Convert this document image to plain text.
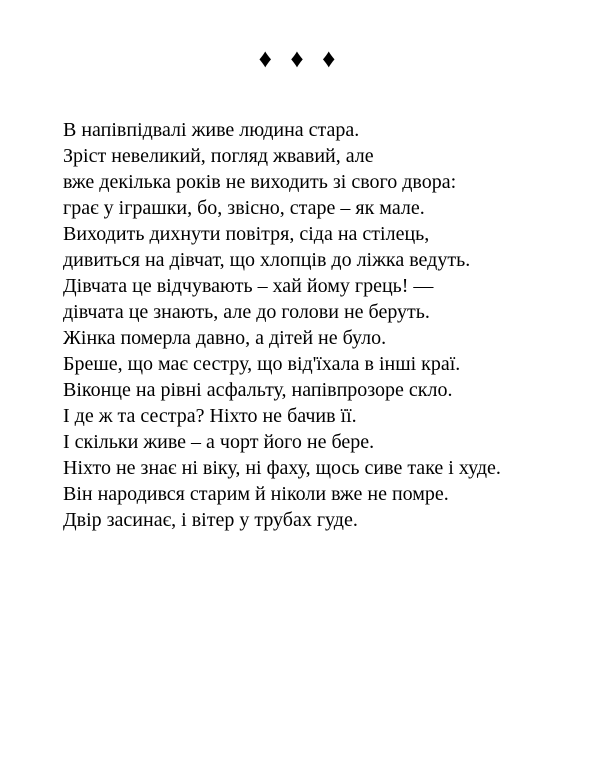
♦ ♦ ♦
В напівпідвалі живе людина стара.
Зріст невеликий, погляд жвавий, але
вже декілька років не виходить зі свого двора:
грає у іграшки, бо, звісно, старе – як мале.
Виходить дихнути повітря, сіда на стілець,
дивиться на дівчат, що хлопців до ліжка ведуть.
Дівчата це відчувають – хай йому грець! —
дівчата це знають, але до голови не беруть.
Жінка померла давно, а дітей не було.
Бреше, що має сестру, що від'їхала в інші краї.
Віконце на рівні асфальту, напівпрозоре скло.
І де ж та сестра? Ніхто не бачив її.
І скільки живе – а чорт його не бере.
Ніхто не знає ні віку, ні фаху, щось сиве таке і худе.
Він народився старим й ніколи вже не помре.
Двір засинає, і вітер у трубах гуде.
